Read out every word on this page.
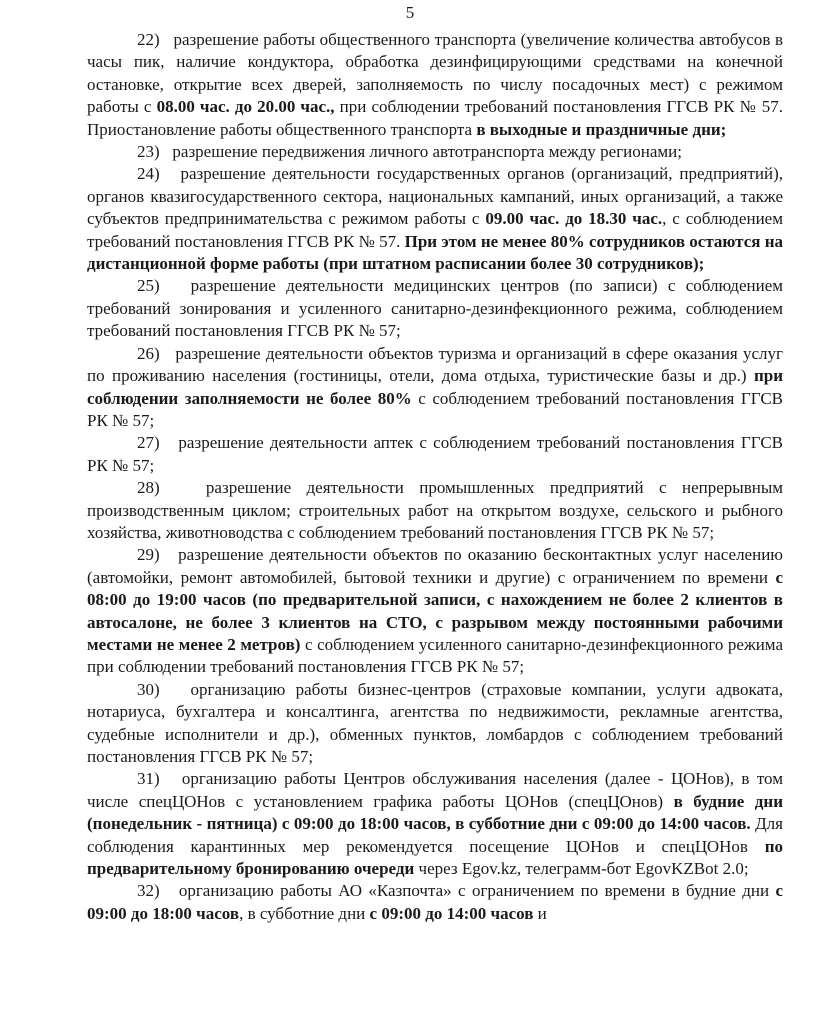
5

22)   разрешение работы общественного транспорта (увеличение количества автобусов в часы пик, наличие кондуктора, обработка дезинфицирующими средствами на конечной остановке, открытие всех дверей, заполняемость по числу посадочных мест) с режимом работы с 08.00 час. до 20.00 час., при соблюдении требований постановления ГГСВ РК № 57. Приостановление работы общественного транспорта в выходные и праздничные дни;

23)   разрешение передвижения личного автотранспорта между регионами;

24)   разрешение деятельности государственных органов (организаций, предприятий), органов квазигосударственного сектора, национальных кампаний, иных организаций, а также субъектов предпринимательства с режимом работы с 09.00 час. до 18.30 час., с соблюдением требований постановления ГГСВ РК № 57. При этом не менее 80% сотрудников остаются на дистанционной форме работы (при штатном расписании более 30 сотрудников);

25)   разрешение деятельности медицинских центров (по записи) с соблюдением требований зонирования и усиленного санитарно-дезинфекционного режима, соблюдением требований постановления ГГСВ РК № 57;

26)   разрешение деятельности объектов туризма и организаций в сфере оказания услуг по проживанию населения (гостиницы, отели, дома отдыха, туристические базы и др.) при соблюдении заполняемости не более 80% с соблюдением требований постановления ГГСВ РК № 57;

27)   разрешение деятельности аптек с соблюдением требований постановления ГГСВ РК № 57;

28)   разрешение деятельности промышленных предприятий с непрерывным производственным циклом; строительных работ на открытом воздухе, сельского и рыбного хозяйства, животноводства с соблюдением требований постановления ГГСВ РК № 57;

29)   разрешение деятельности объектов по оказанию бесконтактных услуг населению (автомойки, ремонт автомобилей, бытовой техники и другие) с ограничением по времени с 08:00 до 19:00 часов (по предварительной записи, с нахождением не более 2 клиентов в автосалоне, не более 3 клиентов на СТО, с разрывом между постоянными рабочими местами не менее 2 метров) с соблюдением усиленного санитарно-дезинфекционного режима при соблюдении требований постановления ГГСВ РК № 57;

30)   организацию работы бизнес-центров (страховые компании, услуги адвоката, нотариуса, бухгалтера и консалтинга, агентства по недвижимости, рекламные агентства, судебные исполнители и др.), обменных пунктов, ломбардов с соблюдением требований постановления ГГСВ РК № 57;

31)   организацию работы Центров обслуживания населения (далее - ЦОНов), в том числе спецЦОНов с установлением графика работы ЦОНов (спецЦОнов) в будние дни (понедельник - пятница) с 09:00 до 18:00 часов, в субботние дни с 09:00 до 14:00 часов. Для соблюдения карантинных мер рекомендуется посещение ЦОНов и спецЦОНов по предварительному бронированию очереди через Egov.kz, телеграмм-бот EgovKZBot 2.0;

32)   организацию работы АО «Казпочта» с ограничением по времени в будние дни с 09:00 до 18:00 часов, в субботние дни с 09:00 до 14:00 часов и
